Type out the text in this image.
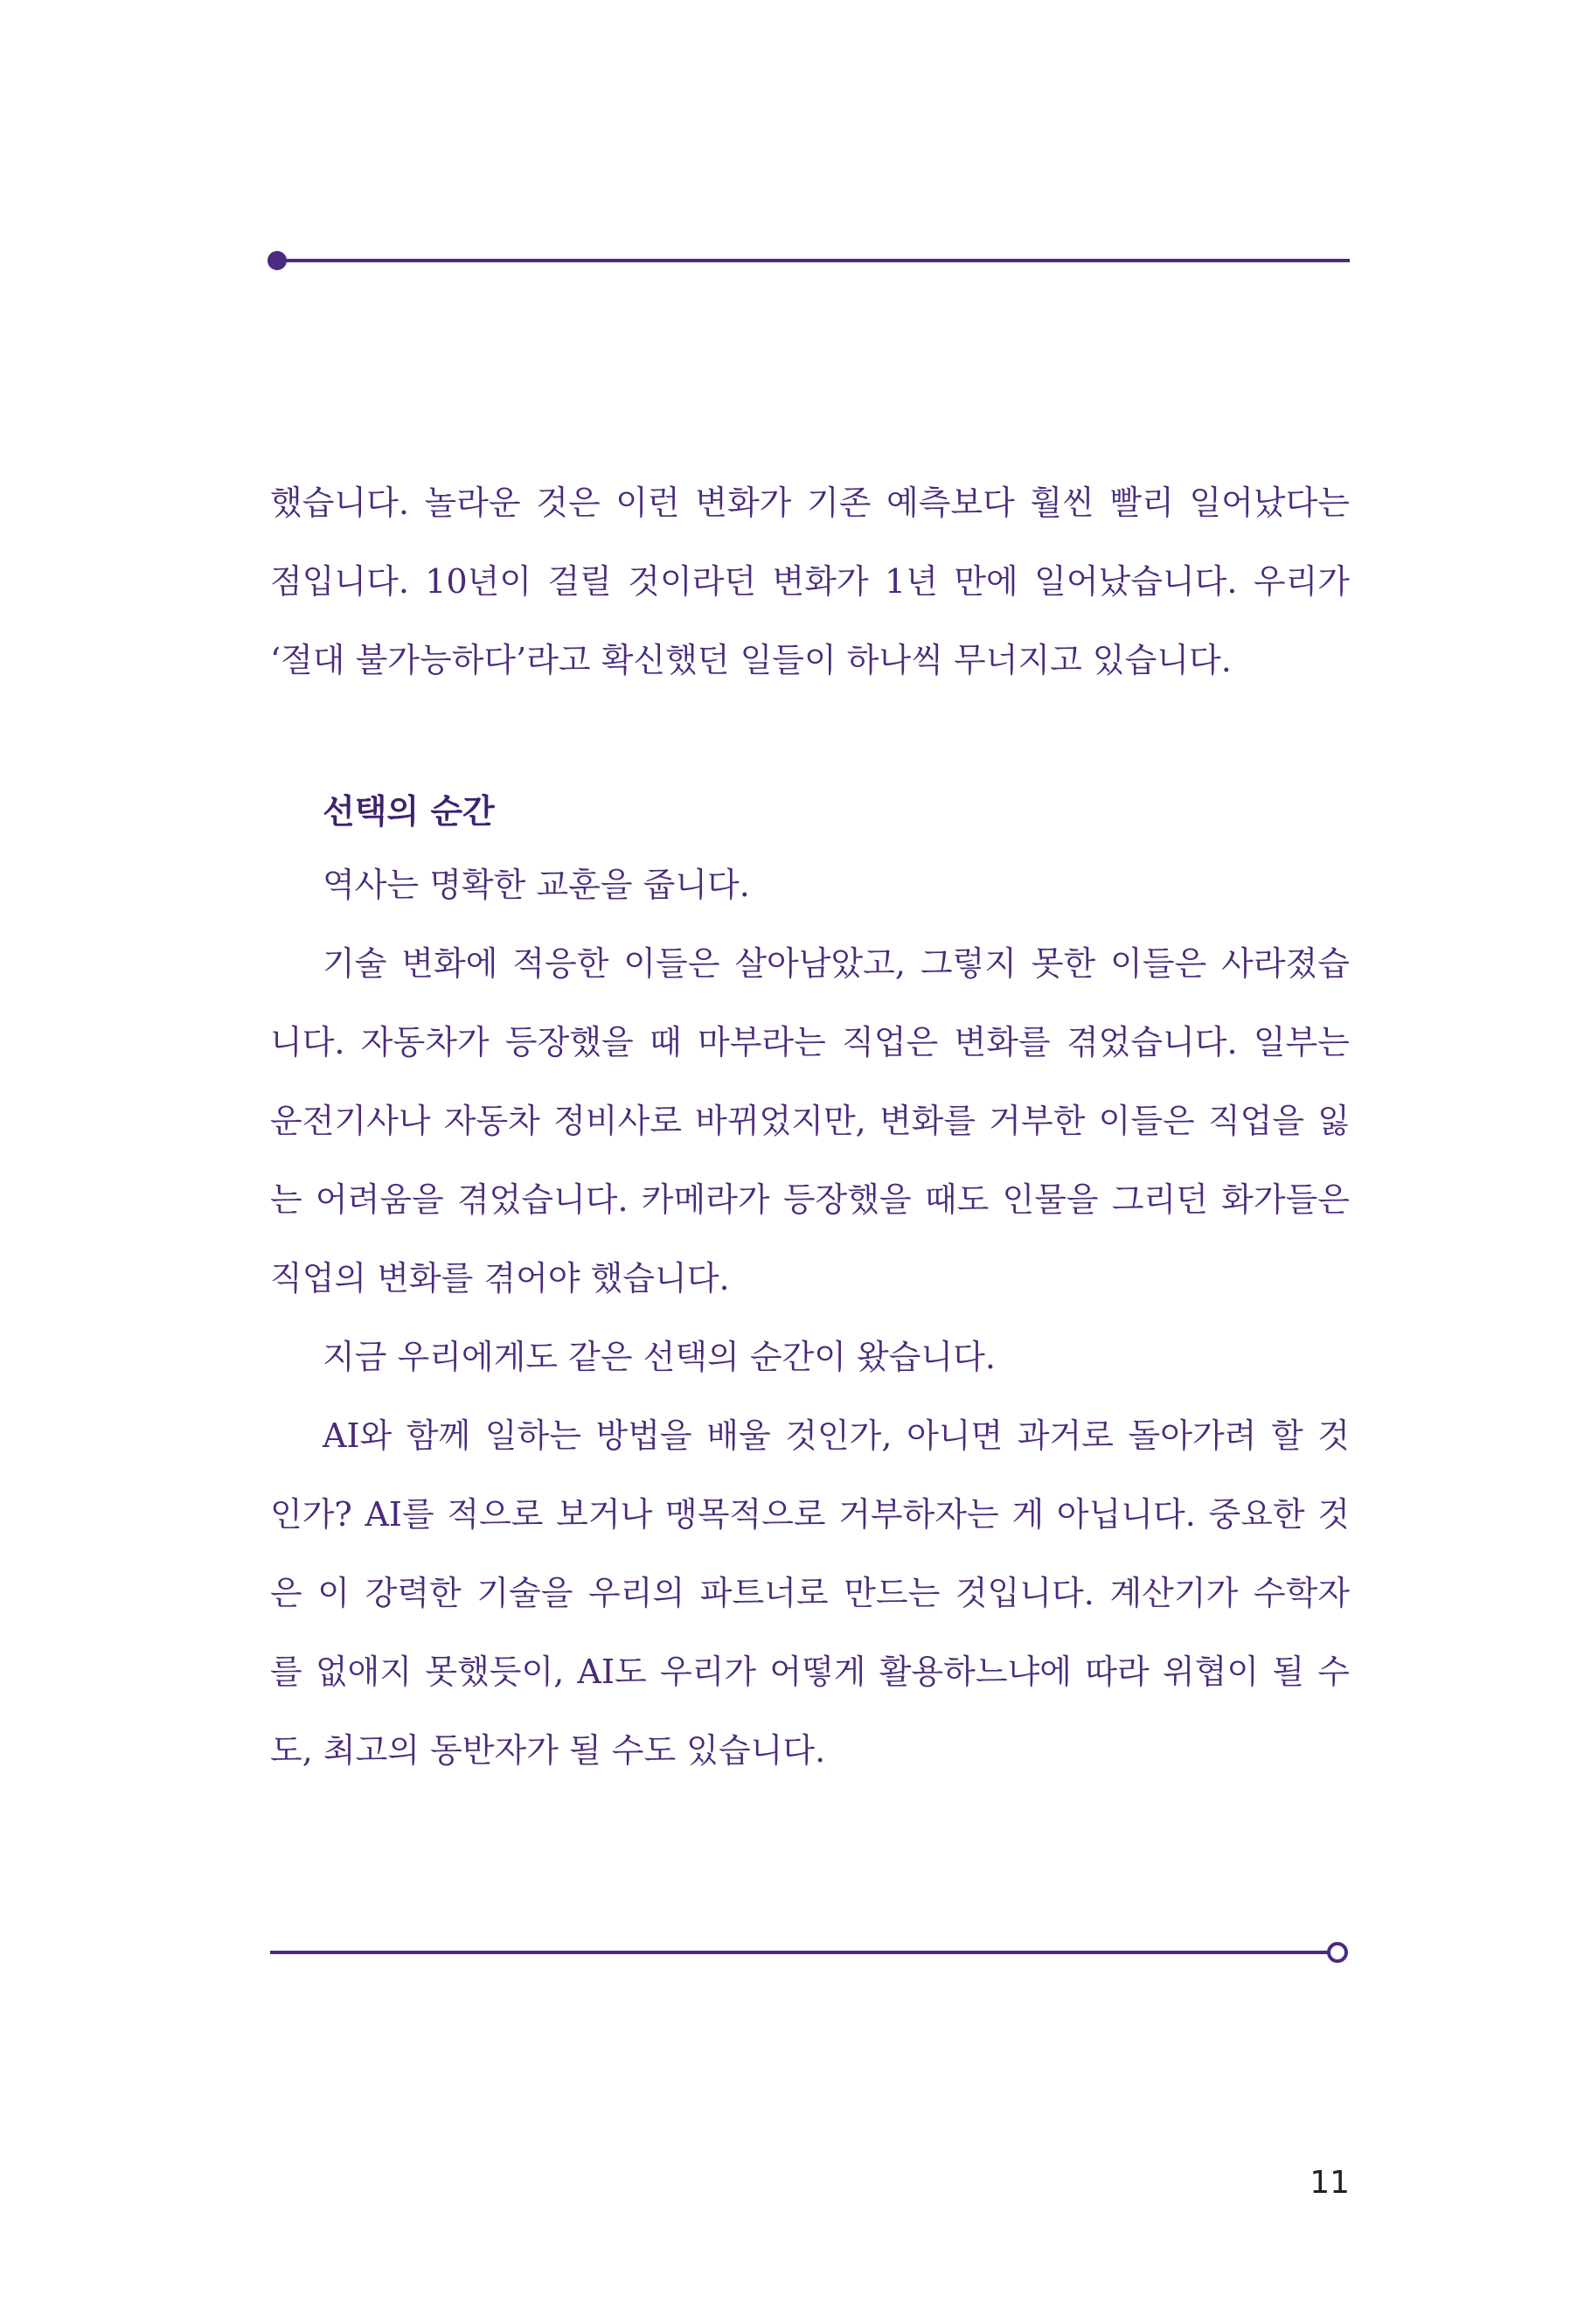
했습니다. 놀라운 것은 이런 변화가 기존 예측보다 훨씬 빨리 일어났다는
점입니다. 10년이 걸릴 것이라던 변화가 1년 만에 일어났습니다. 우리가
‘절대 불가능하다’라고 확신했던 일들이 하나씩 무너지고 있습니다.
선택의 순간
역사는 명확한 교훈을 줍니다.
기술 변화에 적응한 이들은 살아남았고, 그렇지 못한 이들은 사라졌습
니다. 자동차가 등장했을 때 마부라는 직업은 변화를 겪었습니다. 일부는
운전기사나 자동차 정비사로 바뀌었지만, 변화를 거부한 이들은 직업을 잃
는 어려움을 겪었습니다. 카메라가 등장했을 때도 인물을 그리던 화가들은
직업의 변화를 겪어야 했습니다.
지금 우리에게도 같은 선택의 순간이 왔습니다.
AI와 함께 일하는 방법을 배울 것인가, 아니면 과거로 돌아가려 할 것
인가? AI를 적으로 보거나 맹목적으로 거부하자는 게 아닙니다. 중요한 것
은 이 강력한 기술을 우리의 파트너로 만드는 것입니다. 계산기가 수학자
를 없애지 못했듯이, AI도 우리가 어떻게 활용하느냐에 따라 위협이 될 수
도, 최고의 동반자가 될 수도 있습니다.
11
